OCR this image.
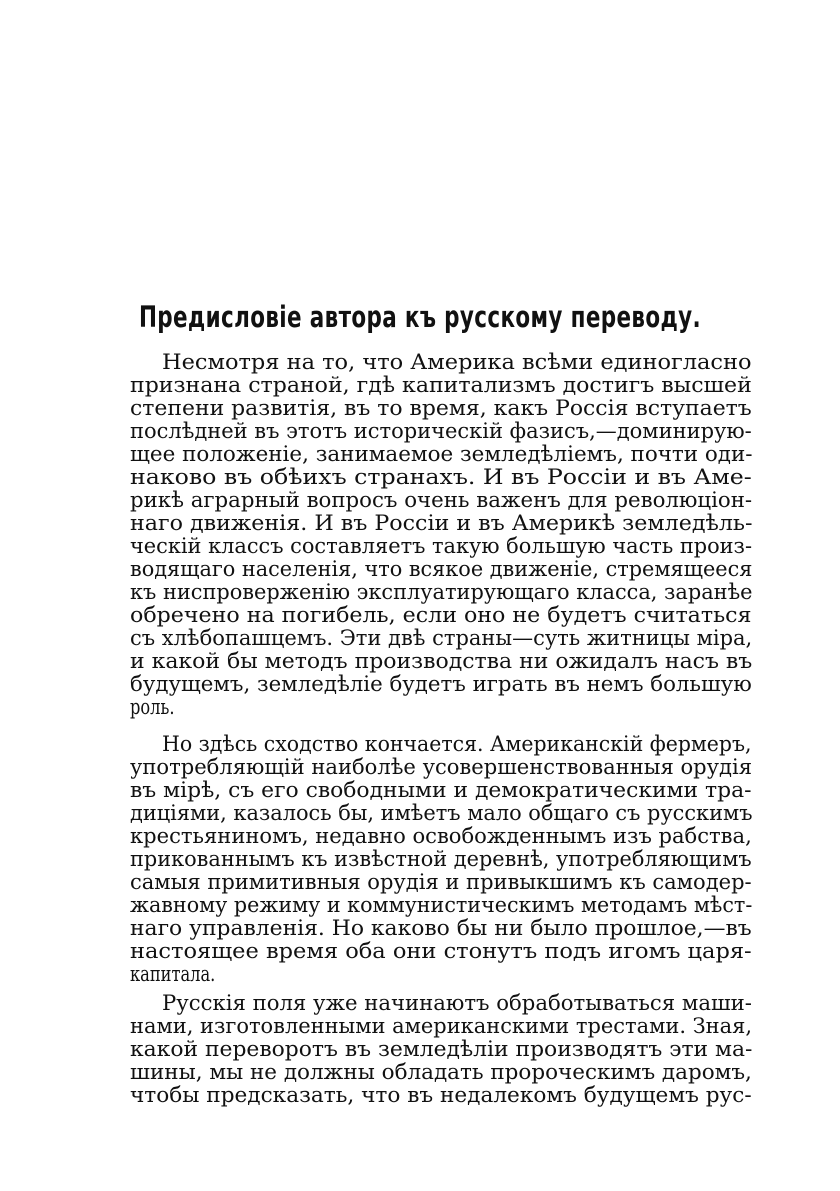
Предисловіе автора къ русскому переводу.
Несмотря на то, что Америка всѣми единогласно
признана страной, гдѣ капитализмъ достигъ высшей
степени развитія, въ то время, какъ Россія вступаетъ
послѣдней въ этотъ историческій фазисъ,—доминирую-
щее положеніе, занимаемое земледѣліемъ, почти оди-
наково въ обѣихъ странахъ. И въ Россіи и въ Аме-
рикѣ аграрный вопросъ очень важенъ для революціон-
наго движенія. И въ Россіи и въ Америкѣ земледѣль-
ческій классъ составляетъ такую большую часть произ-
водящаго населенія, что всякое движеніе, стремящееся
къ ниспроверженію эксплуатирующаго класса, заранѣе
обречено на погибель, если оно не будетъ считаться
съ хлѣбопашцемъ. Эти двѣ страны—суть житницы міра,
и какой бы методъ производства ни ожидалъ насъ въ
будущемъ, земледѣліе будетъ играть въ немъ большую
роль.
Но здѣсь сходство кончается. Американскій фермеръ,
употребляющій наиболѣе усовершенствованныя орудія
въ мірѣ, съ его свободными и демократическими тра-
диціями, казалось бы, имѣетъ мало общаго съ русскимъ
крестьяниномъ, недавно освобожденнымъ изъ рабства,
прикованнымъ къ извѣстной деревнѣ, употребляющимъ
самыя примитивныя орудія и привыкшимъ къ самодер-
жавному режиму и коммунистическимъ методамъ мѣст-
наго управленія. Но каково бы ни было прошлое,—въ
настоящее время оба они стонутъ подъ игомъ царя-
капитала.
Русскія поля уже начинаютъ обработываться маши-
нами, изготовленными американскими трестами. Зная,
какой переворотъ въ земледѣліи производятъ эти ма-
шины, мы не должны обладать пророческимъ даромъ,
чтобы предсказать, что въ недалекомъ будущемъ рус-
